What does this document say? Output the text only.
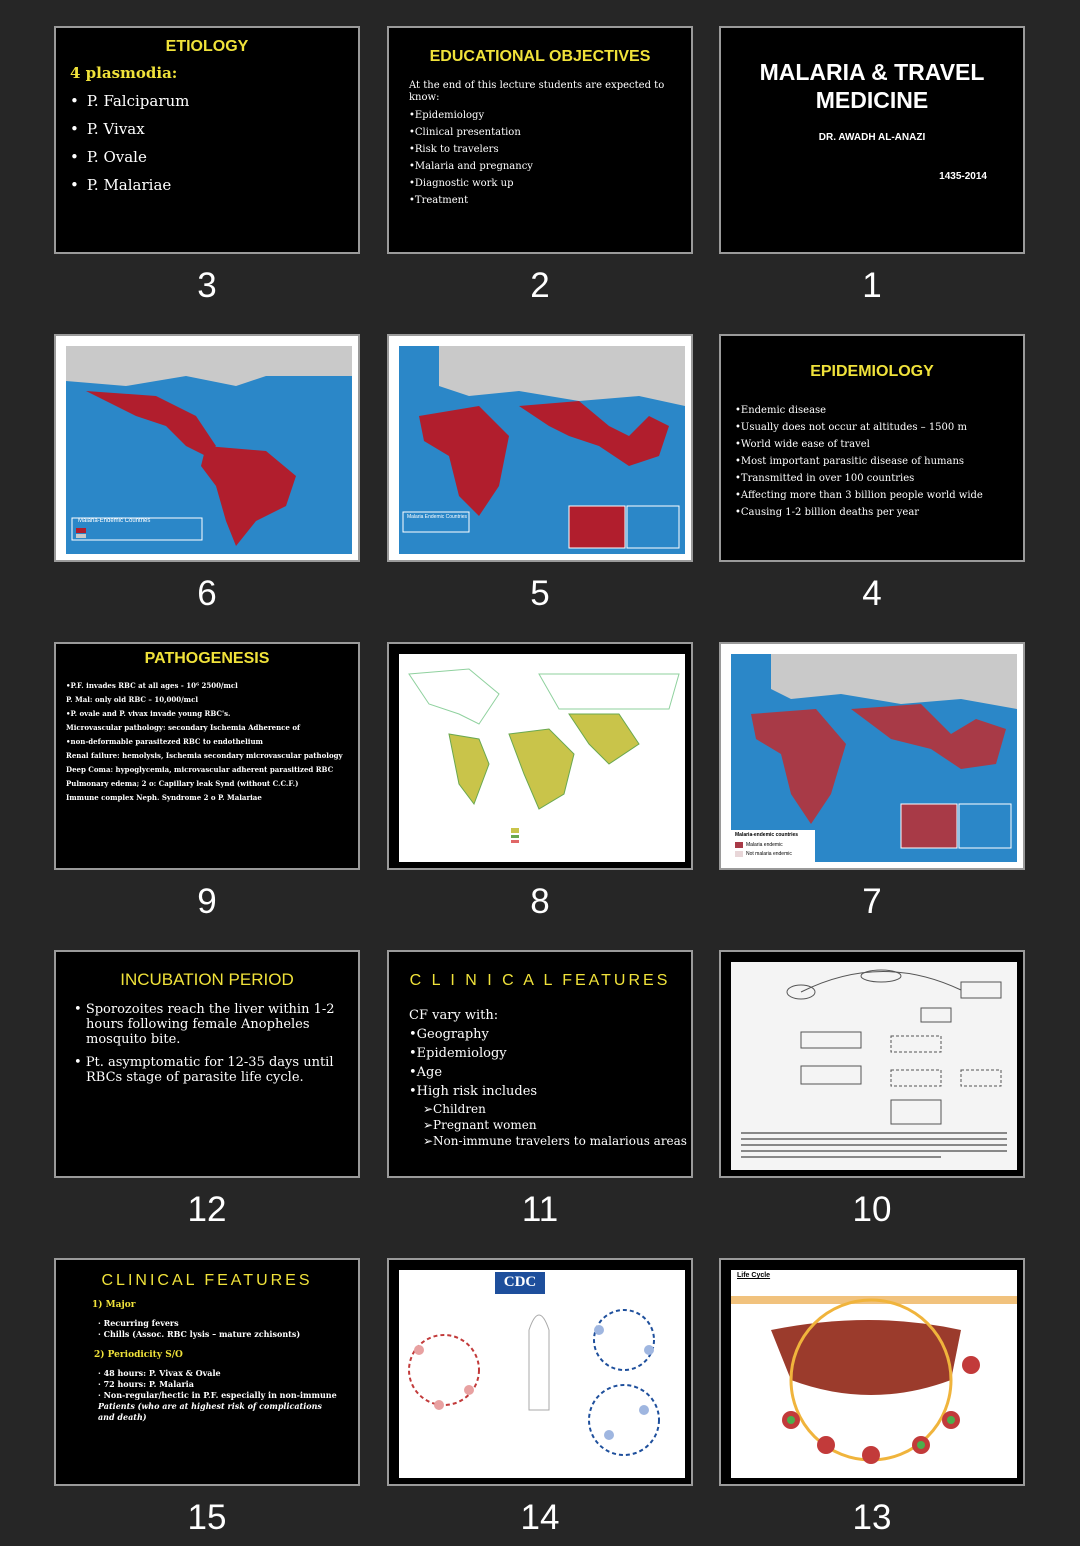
ETIOLOGY
4 plasmodia:
• P. Falciparum
• P. Vivax
• P. Ovale
• P. Malariae
3
EDUCATIONAL OBJECTIVES
At the end of this lecture students are expected to know:
•Epidemiology
•Clinical presentation
•Risk to travelers
•Malaria and pregnancy
•Diagnostic work up
•Treatment
2
MALARIA & TRAVEL
MEDICINE
DR. AWADH AL-ANAZI
1435-2014
1
Malaria-Endemic Countries
6
Malaria Endemic Countries
5
EPIDEMIOLOGY
•Endemic disease
•Usually does not occur at altitudes – 1500 m
•World wide ease of travel
•Most important parasitic disease of humans
•Transmitted in over 100 countries
•Affecting more than 3 billion people world wide
•Causing 1-2 billion deaths per year
4
PATHOGENESIS
•P.F. invades RBC at all ages - 10⁶ 2500/mcl
P. Mal: only old RBC – 10,000/mcl
•P. ovale and P. vivax invade young RBC's.
Microvascular pathology: secondary Ischemia Adherence of
•non-deformable parasitezed RBC to endothelium
Renal failure: hemolysis, Ischemia secondary microvascular pathology
Deep Coma: hypoglycemia, microvascular adherent parasitized RBC
Pulmonary edema; 2 o: Capillary leak Synd (without C.C.F.)
Immune complex Neph. Syndrome 2 o P. Malariae
9	8
Malaria-endemic countries
Malaria endemic
Not malaria endemic
7
INCUBATION PERIOD
• Sporozoites reach the liver within 1-2 hours following female Anopheles mosquito bite.
• Pt. asymptomatic for 12-35 days until RBCs stage of parasite life cycle.
12
C L I N I C A L FEATURES
CF vary with:
•Geography
•Epidemiology
•Age
•High risk includes
➢Children
➢Pregnant women
➢Non-immune travelers to malarious areas
11	10
CLINICAL FEATURES
1) Major
· Recurring fevers
· Chills (Assoc. RBC lysis – mature zchisonts)
2) Periodicity S/O
· 48 hours: P. Vivax & Ovale
· 72 hours: P. Malaria
· Non-regular/hectic in P.F. especially in non-immune
Patients (who are at highest risk of complications and death)
15
CDC
14
Life Cycle
13
